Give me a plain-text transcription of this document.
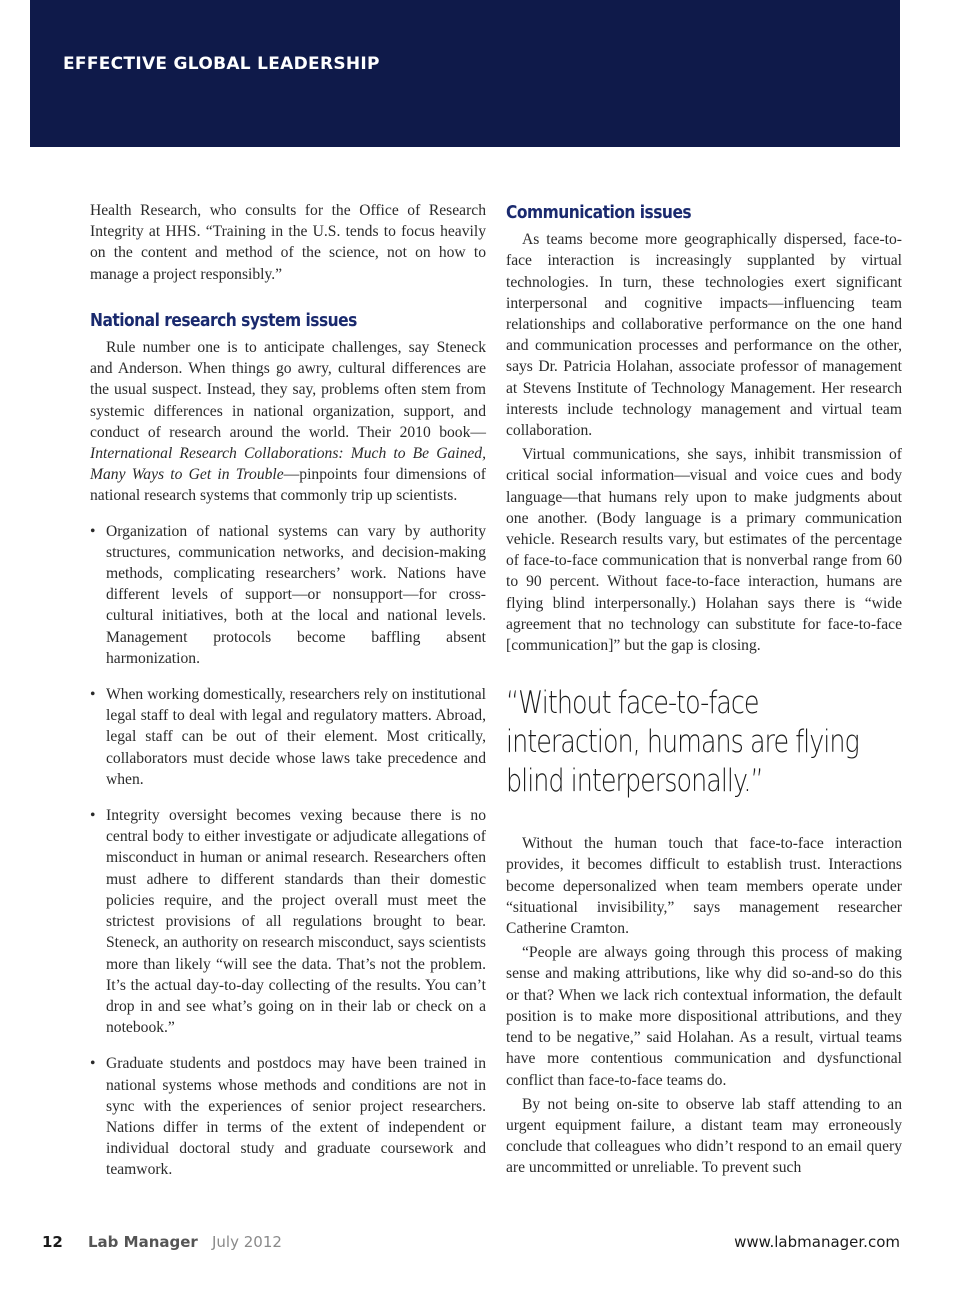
EFFECTIVE GLOBAL LEADERSHIP

Health Research, who consults for the Office of Research Integrity at HHS. “Training in the U.S. tends to focus heavily on the content and method of the science, not on how to manage a project responsibly.”

National research system issues

Rule number one is to anticipate challenges, say Steneck and Anderson. When things go awry, cultural differences are the usual suspect. Instead, they say, problems often stem from systemic differences in national organization, support, and conduct of research around the world. Their 2010 book—International Research Collaborations: Much to Be Gained, Many Ways to Get in Trouble—pinpoints four dimensions of national research systems that commonly trip up scientists.

• Organization of national systems can vary by authority structures, communication networks, and decision-making methods, complicating researchers’ work. Nations have different levels of support—or nonsupport—for cross-cultural initiatives, both at the local and national levels. Management protocols become baffling absent harmonization.
• When working domestically, researchers rely on institutional legal staff to deal with legal and regulatory matters. Abroad, legal staff can be out of their element. Most critically, collaborators must decide whose laws take precedence and when.
• Integrity oversight becomes vexing because there is no central body to either investigate or adjudicate allegations of misconduct in human or animal research. Researchers often must adhere to different standards than their domestic policies require, and the project overall must meet the strictest provisions of all regulations brought to bear. Steneck, an authority on research misconduct, says scientists more than likely “will see the data. That’s not the problem. It’s the actual day-to-day collecting of the results. You can’t drop in and see what’s going on in their lab or check on a notebook.”
• Graduate students and postdocs may have been trained in national systems whose methods and conditions are not in sync with the experiences of senior project researchers. Nations differ in terms of the extent of independent or individual doctoral study and graduate coursework and teamwork.
Communication issues

As teams become more geographically dispersed, face-to-face interaction is increasingly supplanted by virtual technologies. In turn, these technologies exert significant interpersonal and cognitive impacts—influencing team relationships and collaborative performance on the one hand and communication processes and performance on the other, says Dr. Patricia Holahan, associate professor of management at Stevens Institute of Technology Management. Her research interests include technology management and virtual team collaboration.

Virtual communications, she says, inhibit transmission of critical social information—visual and voice cues and body language—that humans rely upon to make judgments about one another. (Body language is a primary communication vehicle. Research results vary, but estimates of the percentage of face-to-face communication that is nonverbal range from 60 to 90 percent. Without face-to-face interaction, humans are flying blind interpersonally.) Holahan says there is “wide agreement that no technology can substitute for face-to-face [communication]” but the gap is closing.

“Without face-to-face
interaction, humans are flying
blind interpersonally.”

Without the human touch that face-to-face interaction provides, it becomes difficult to establish trust. Interactions become depersonalized when team members operate under “situational invisibility,” says management researcher Catherine Cramton.

“People are always going through this process of making sense and making attributions, like why did so-and-so do this or that? When we lack rich contextual information, the default position is to make more dispositional attributions, and they tend to be negative,” said Holahan. As a result, virtual teams have more contentious communication and dysfunctional conflict than face-to-face teams do.

By not being on-site to observe lab staff attending to an urgent equipment failure, a distant team may erroneously conclude that colleagues who didn’t respond to an email query are uncommitted or unreliable. To prevent such

12 Lab Manager July 2012	www.labmanager.com
